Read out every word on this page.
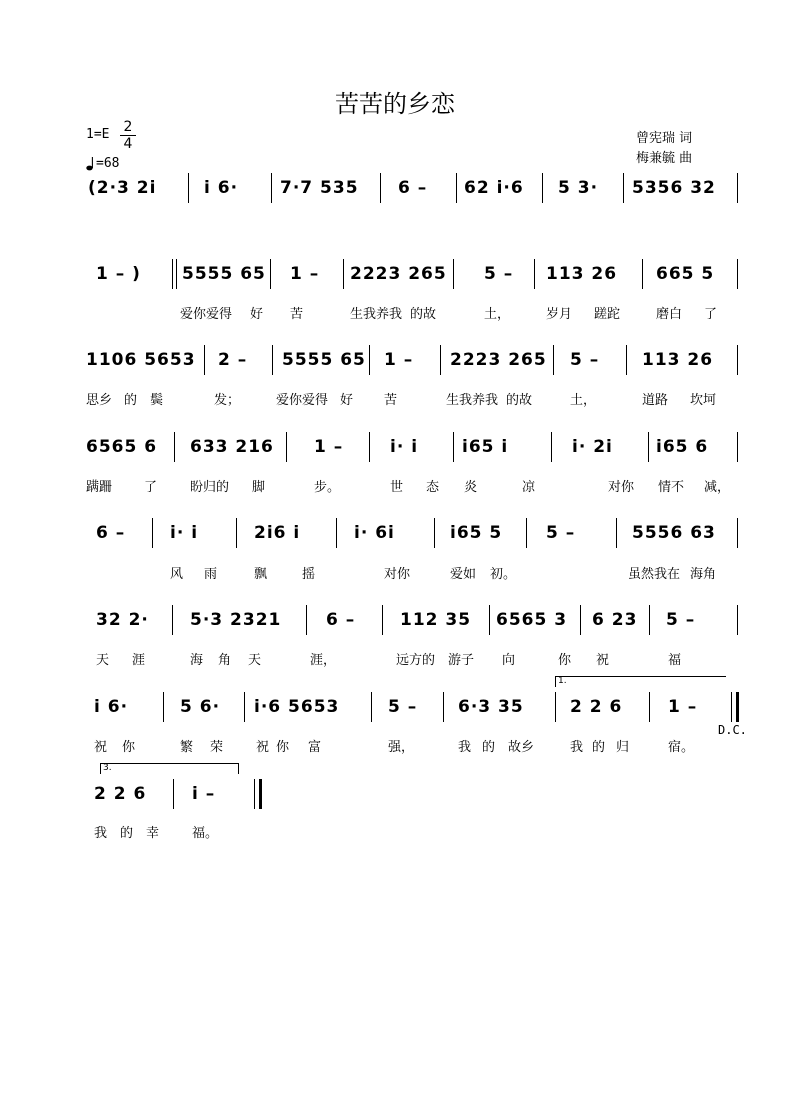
苦苦的乡恋
$1=E \frac{2}{4}$
=68
曾宪瑞 词
梅兼毓 曲
(2·3 2i	i 6· 7·7 535 6 – 62 i·6 5 3· 5356 32
1 – ) 5555 65 1 – 2223 265 5 – 113 26 665 5
爱你爱得 好 苦	生我养我 的故	土，	岁月 蹉跎	磨白 了
1106 5653 2 – 5555 65 1 – 2223 265 5 –	113 26
思乡 的 鬓	发；	爱你爱得 好 苦	生我养我 的故	土，	道路 坎坷
6565 6 633 216 1 –	i· i	i65 i	i· 2i	i65 6
蹒跚 了	盼归的 脚	步。	世 态 炎	凉	对你 情不 减，
6 –	i· i	2i6 i	i· 6i	i65 5	5 –	5556 63
风 雨	飘	摇	对你	爱如 初。	虽然我在 海角
32 2· 5·3 2321	6 –	112 35 6565 3 6 23 5 –
天 涯	海 角 天	涯，	远方的 游子 向	你 祝	福
1.
i 6·	5 6· i·6 5653	5 – 6·3 35	2 2 6	1 –
D.C.
祝 你	繁 荣	祝 你 富	强，	我 的 故乡	我 的 归	宿。
3.
2 2 6	i –
我 的 幸	福。
